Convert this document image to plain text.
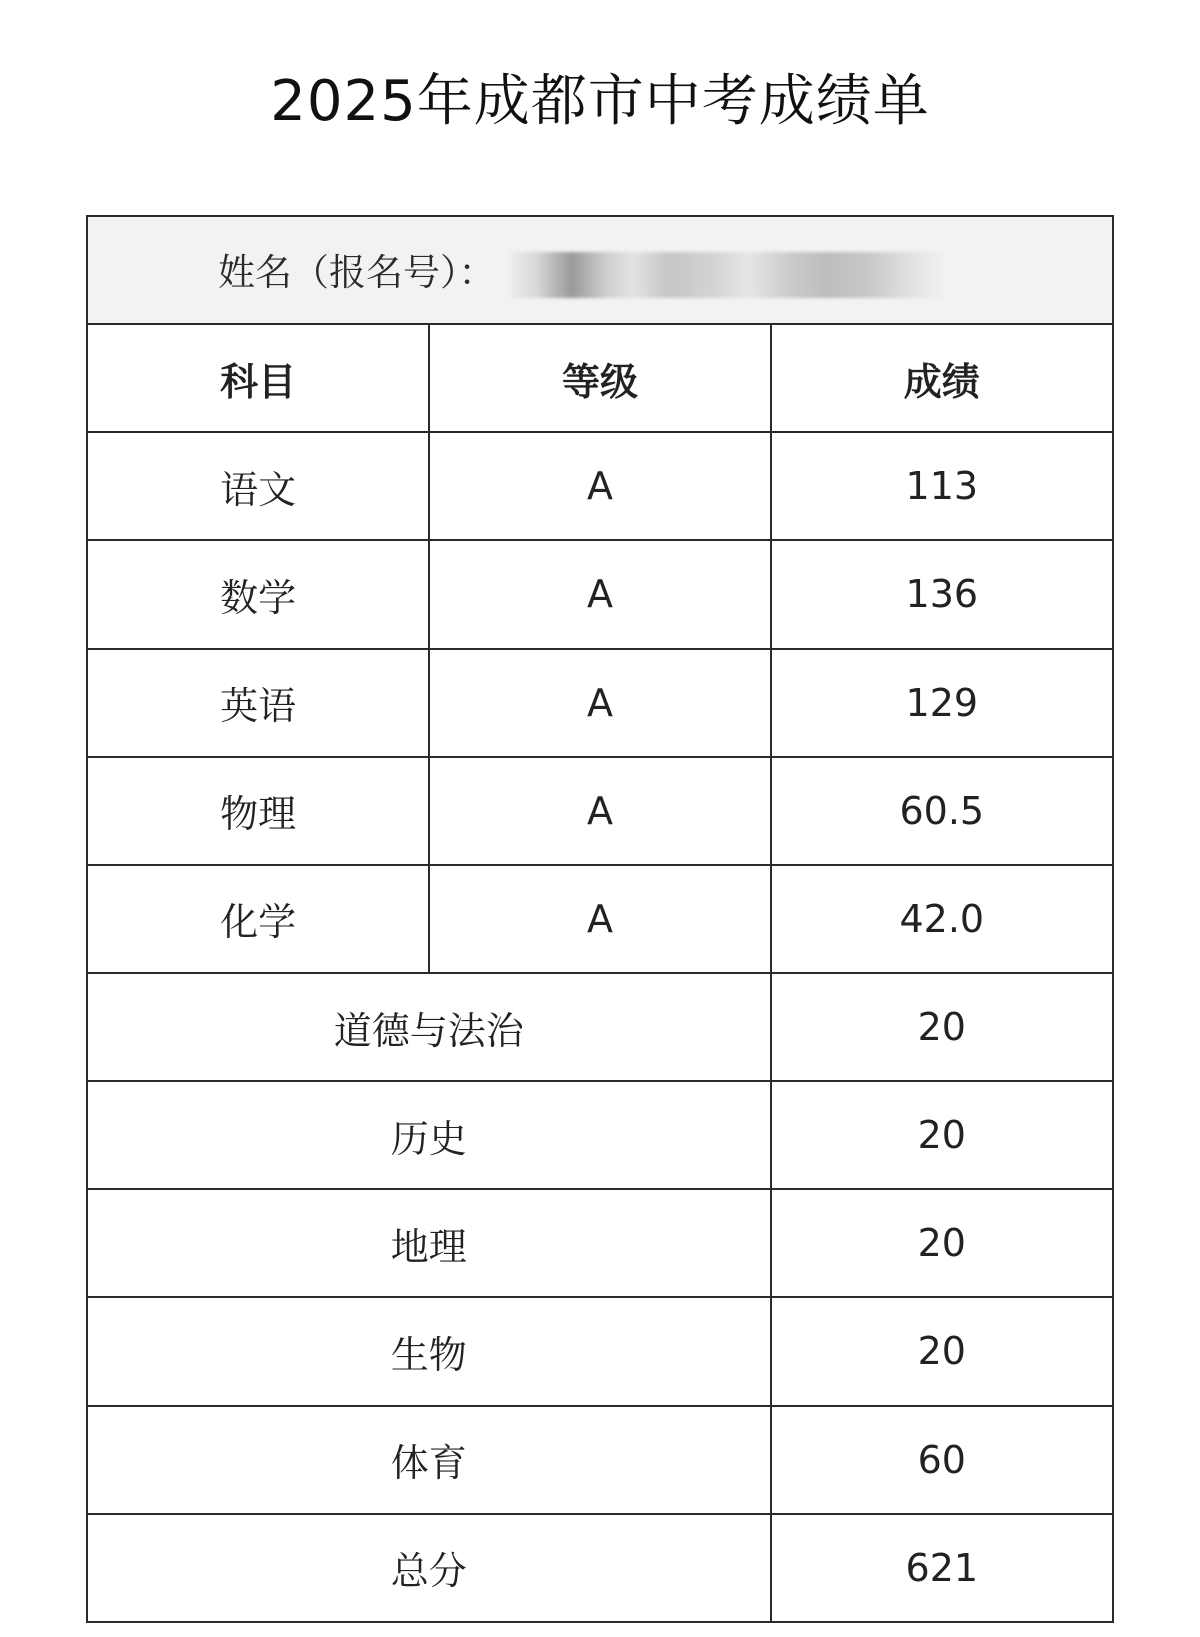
2025年成都市中考成绩单
姓名（报名号）：		
科目	等级	成绩
语文	A	113
数学	A	136
英语	A	129
物理	A	60.5
化学	A	42.0
道德与法治		20
历史		20
地理		20
生物		20
体育		60
总分		621
